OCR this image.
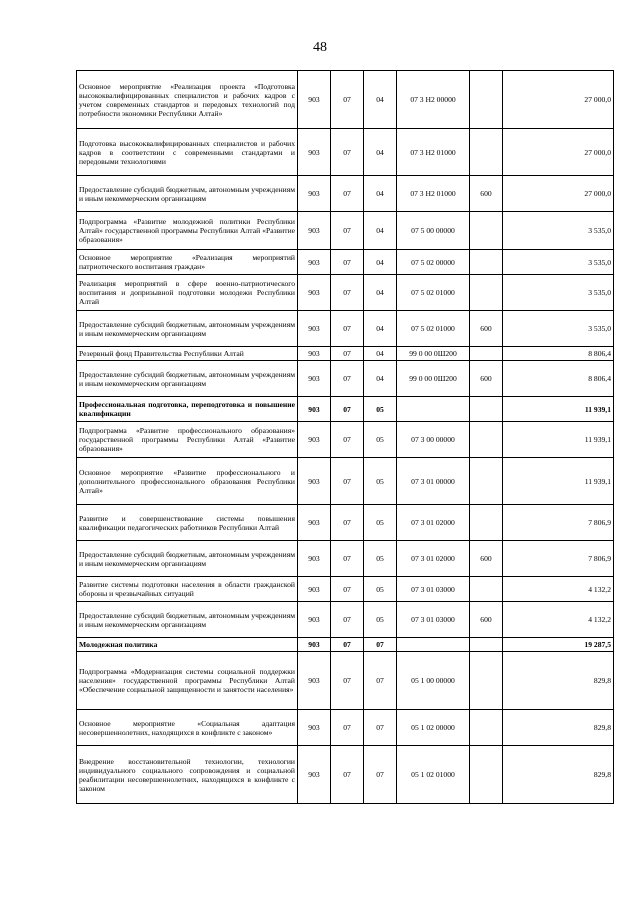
48
Основное мероприятие «Реализация проекта «Подготовка высококвалифицированных специалистов и рабочих кадров с учетом современных стандартов и передовых технологий под потребности экономики Республики Алтай»	903	07	04	07 3 Н2 00000		27 000,0
Подготовка высококвалифицированных специалистов и рабочих кадров в соответствии с современными стандартами и передовыми технологиями	903	07	04	07 3 Н2 01000		27 000,0
Предоставление субсидий бюджетным, автономным учреждениям и иным некоммерческим организациям	903	07	04	07 3 Н2 01000	600	27 000,0
Подпрограмма «Развитие молодежной политики Республики Алтай» государственной программы Республики Алтай «Развитие образования»	903	07	04	07 5 00 00000		3 535,0
Основное мероприятие «Реализация мероприятий патриотического воспитания граждан»	903	07	04	07 5 02 00000		3 535,0
Реализация мероприятий в сфере военно-патриотического воспитания и допризывной подготовки молодежи Республики Алтай	903	07	04	07 5 02 01000		3 535,0
Предоставление субсидий бюджетным, автономным учреждениям и иным некоммерческим организациям	903	07	04	07 5 02 01000	600	3 535,0
Резервный фонд Правительства Республики Алтай	903	07	04	99 0 00 0Ш200		8 806,4
Предоставление субсидий бюджетным, автономным учреждениям и иным некоммерческим организациям	903	07	04	99 0 00 0Ш200	600	8 806,4
Профессиональная подготовка, переподготовка и повышение квалификации	903	07	05			11 939,1
Подпрограмма «Развитие профессионального образования» государственной программы Республики Алтай «Развитие образования»	903	07	05	07 3 00 00000		11 939,1
Основное мероприятие «Развитие профессионального и дополнительного профессионального образования Республики Алтай»	903	07	05	07 3 01 00000		11 939,1
Развитие и совершенствование системы повышения квалификации педагогических работников Республики Алтай	903	07	05	07 3 01 02000		7 806,9
Предоставление субсидий бюджетным, автономным учреждениям и иным некоммерческим организациям	903	07	05	07 3 01 02000	600	7 806,9
Развитие системы подготовки населения в области гражданской обороны и чрезвычайных ситуаций	903	07	05	07 3 01 03000		4 132,2
Предоставление субсидий бюджетным, автономным учреждениям и иным некоммерческим организациям	903	07	05	07 3 01 03000	600	4 132,2
Молодежная политика	903	07	07			19 287,5
Подпрограмма «Модернизация системы социальной поддержки населения» государственной программы Республики Алтай «Обеспечение социальной защищенности и занятости населения»	903	07	07	05 1 00 00000		829,8
Основное мероприятие «Социальная адаптация несовершеннолетних, находящихся в конфликте с законом»	903	07	07	05 1 02 00000		829,8
Внедрение восстановительной технологии, технологии индивидуального социального сопровождения и социальной реабилитации несовершеннолетних, находящихся в конфликте с законом	903	07	07	05 1 02 01000		829,8
